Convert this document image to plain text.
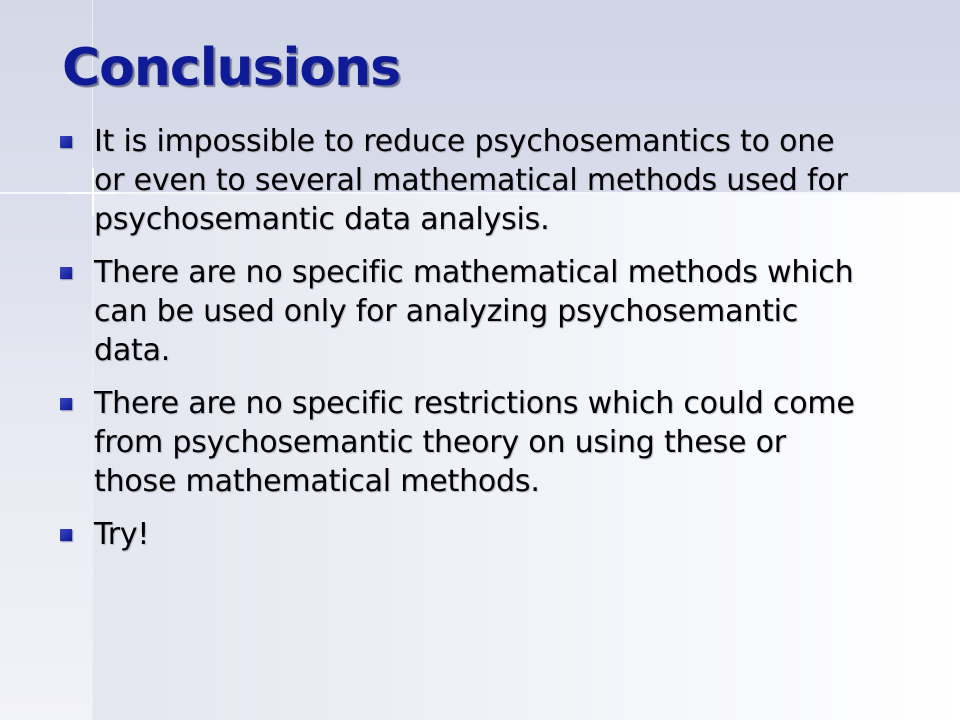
Conclusions
It is impossible to reduce psychosemantics to one or even to several mathematical methods used for psychosemantic data analysis.
There are no specific mathematical methods which can be used only for analyzing psychosemantic data.
There are no specific restrictions which could come from psychosemantic theory on using these or those mathematical methods.
Try!
